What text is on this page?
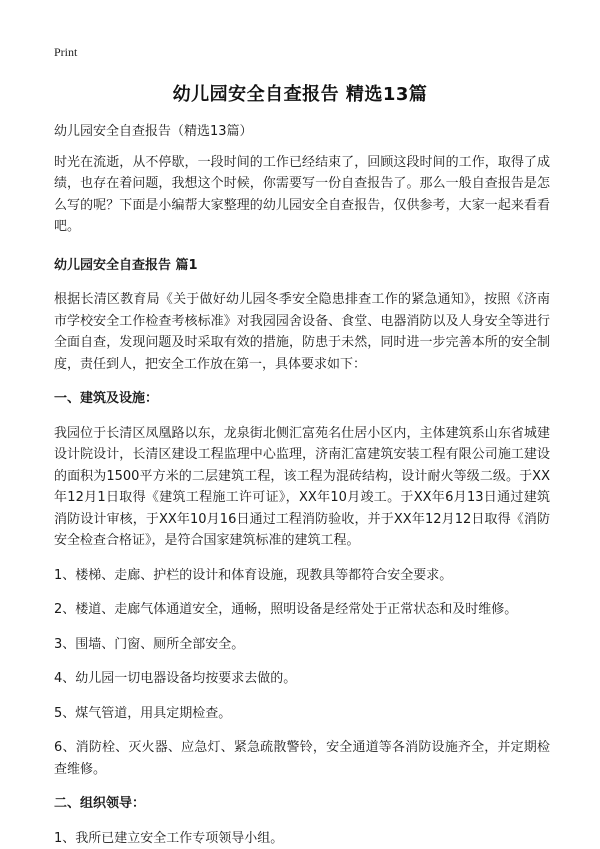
Print
幼儿园安全自查报告 精选13篇

幼儿园安全自查报告（精选13篇）

时光在流逝，从不停歇，一段时间的工作已经结束了，回顾这段时间的工作，取得了成绩，也存在着问题，我想这个时候，你需要写一份自查报告了。那么一般自查报告是怎么写的呢？下面是小编帮大家整理的幼儿园安全自查报告，仅供参考，大家一起来看看吧。

幼儿园安全自查报告 篇1

根据长清区教育局《关于做好幼儿园冬季安全隐患排查工作的紧急通知》，按照《济南市学校安全工作检查考核标准》对我园园舍设备、食堂、电器消防以及人身安全等进行全面自查，发现问题及时采取有效的措施，防患于未然，同时进一步完善本所的安全制度，责任到人，把安全工作放在第一，具体要求如下：

一、建筑及设施：

我园位于长清区凤凰路以东，龙泉街北侧汇富苑名仕居小区内，主体建筑系山东省城建设计院设计，长清区建设工程监理中心监理，济南汇富建筑安装工程有限公司施工建设的面积为1500平方米的二层建筑工程，该工程为混砖结构，设计耐火等级二级。于XX年12月1日取得《建筑工程施工许可证》，XX年10月竣工。于XX年6月13日通过建筑消防设计审核，于XX年10月16日通过工程消防验收，并于XX年12月12日取得《消防安全检查合格证》，是符合国家建筑标准的建筑工程。

1、楼梯、走廊、护栏的设计和体育设施，现教具等都符合安全要求。

2、楼道、走廊气体通道安全，通畅，照明设备是经常处于正常状态和及时维修。

3、围墙、门窗、厕所全部安全。

4、幼儿园一切电器设备均按要求去做的。

5、煤气管道，用具定期检查。

6、消防栓、灭火器、应急灯、紧急疏散警铃，安全通道等各消防设施齐全，并定期检查维修。

二、组织领导：

1、我所已建立安全工作专项领导小组。
